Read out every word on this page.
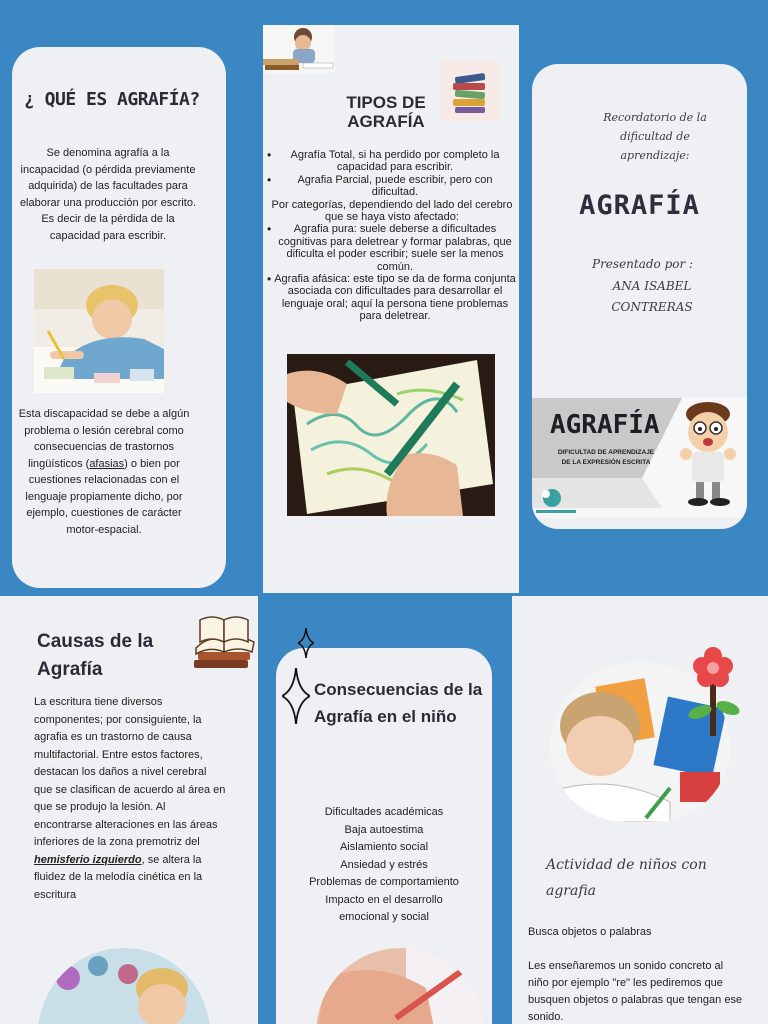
¿ QUÉ ES AGRAFÍA?
Se denomina agrafía a la incapacidad (o pérdida previamente adquirida) de las facultades para elaborar una producción por escrito. Es decir de la pérdida de la capacidad para escribir.
Esta discapacidad se debe a algún problema o lesión cerebral como consecuencias de trastornos lingüísticos (afasias) o bien por cuestiones relacionadas con el lenguaje propiamente dicho, por ejemplo, cuestiones de carácter motor-espacial.
TIPOS DE AGRAFÍA
• Agrafía Total, si ha perdido por completo la capacidad para escribir.
• Agrafia Parcial, puede escribir, pero con dificultad.
Por categorías, dependiendo del lado del cerebro que se haya visto afectado:
• Agrafia pura: suele deberse a dificultades cognitivas para deletrear y formar palabras, que dificulta el poder escribir; suele ser la menos común.
• Agrafia afásica: este tipo se da de forma conjunta asociada con dificultades para desarrollar el lenguaje oral; aquí la persona tiene problemas para deletrear.
Recordatorio de la dificultad de aprendizaje:
AGRAFÍA
Presentado por :
ANA ISABEL CONTRERAS
AGRAFÍA
DIFICULTAD DE APRENDIZAJE
DE LA EXPRESIÓN ESCRITA
Causas de la Agrafía
La escritura tiene diversos componentes; por consiguiente, la agrafia es un trastorno de causa multifactorial. Entre estos factores, destacan los daños a nivel cerebral que se clasifican de acuerdo al área en que se produjo la lesión. Al encontrarse alteraciones en las áreas inferiores de la zona premotriz del hemisferio izquierdo, se altera la fluidez de la melodía cinética en la escritura
Consecuencias de la Agrafía en el niño
Dificultades académicas
Baja autoestima
Aislamiento social
Ansiedad y estrés
Problemas de comportamiento
Impacto en el desarrollo emocional y social
Actividad de niños con agrafia
Busca objetos o palabras
Les enseñaremos un sonido concreto al niño por ejemplo "re" les pediremos que busquen objetos o palabras que tengan ese sonido.
